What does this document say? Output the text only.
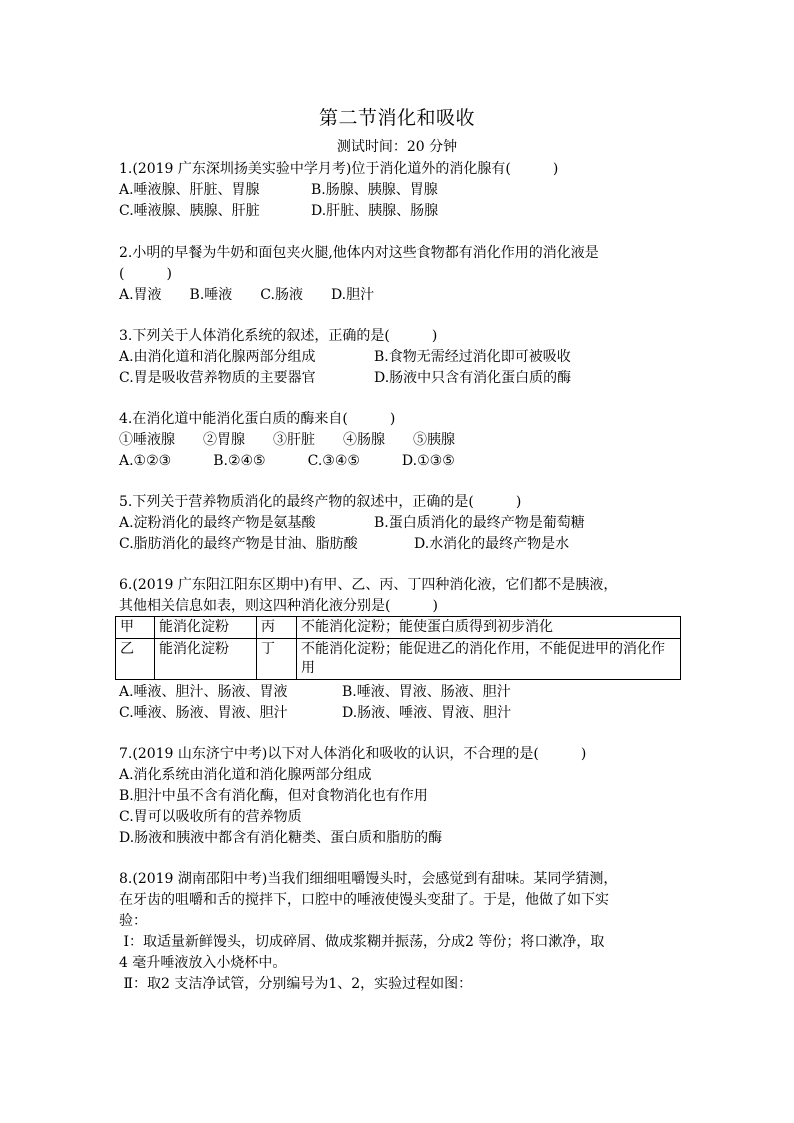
第二节消化和吸收
测试时间：20 分钟
1.(2019 广东深圳扬美实验中学月考)位于消化道外的消化腺有(　　　)
A.唾液腺、肝脏、胃腺	B.肠腺、胰腺、胃腺
C.唾液腺、胰腺、肝脏	D.肝脏、胰腺、肠腺
2.小明的早餐为牛奶和面包夹火腿,他体内对这些食物都有消化作用的消化液是
(　　　)
A.胃液　　B.唾液　　C.肠液　　D.胆汁
3.下列关于人体消化系统的叙述，正确的是(　　　)
A.由消化道和消化腺两部分组成	B.食物无需经过消化即可被吸收
C.胃是吸收营养物质的主要器官	D.肠液中只含有消化蛋白质的酶
4.在消化道中能消化蛋白质的酶来自(　　　)
①唾液腺　　②胃腺　　③肝脏　　④肠腺　　⑤胰腺
A.①②③　　　B.②④⑤　　　C.③④⑤　　　D.①③⑤
5.下列关于营养物质消化的最终产物的叙述中，正确的是(　　　)
A.淀粉消化的最终产物是氨基酸	B.蛋白质消化的最终产物是葡萄糖
C.脂肪消化的最终产物是甘油、脂肪酸	D.水消化的最终产物是水
6.(2019 广东阳江阳东区期中)有甲、乙、丙、丁四种消化液，它们都不是胰液，
其他相关信息如表，则这四种消化液分别是(　　　)
甲	能消化淀粉	丙	不能消化淀粉；能使蛋白质得到初步消化
乙	能消化淀粉	丁	不能消化淀粉；能促进乙的消化作用，不能促进甲的消化作用
A.唾液、胆汁、肠液、胃液	B.唾液、胃液、肠液、胆汁
C.唾液、肠液、胃液、胆汁	D.肠液、唾液、胃液、胆汁
7.(2019 山东济宁中考)以下对人体消化和吸收的认识，不合理的是(　　　)
A.消化系统由消化道和消化腺两部分组成
B.胆汁中虽不含有消化酶，但对食物消化也有作用
C.胃可以吸收所有的营养物质
D.肠液和胰液中都含有消化糖类、蛋白质和脂肪的酶
8.(2019 湖南邵阳中考)当我们细细咀嚼馒头时，会感觉到有甜味。某同学猜测，
在牙齿的咀嚼和舌的搅拌下，口腔中的唾液使馒头变甜了。于是，他做了如下实
验：
Ⅰ：取适量新鲜馒头，切成碎屑、做成浆糊并振荡，分成2 等份；将口漱净，取
4 毫升唾液放入小烧杯中。
Ⅱ：取2 支洁净试管，分别编号为1、2，实验过程如图：
